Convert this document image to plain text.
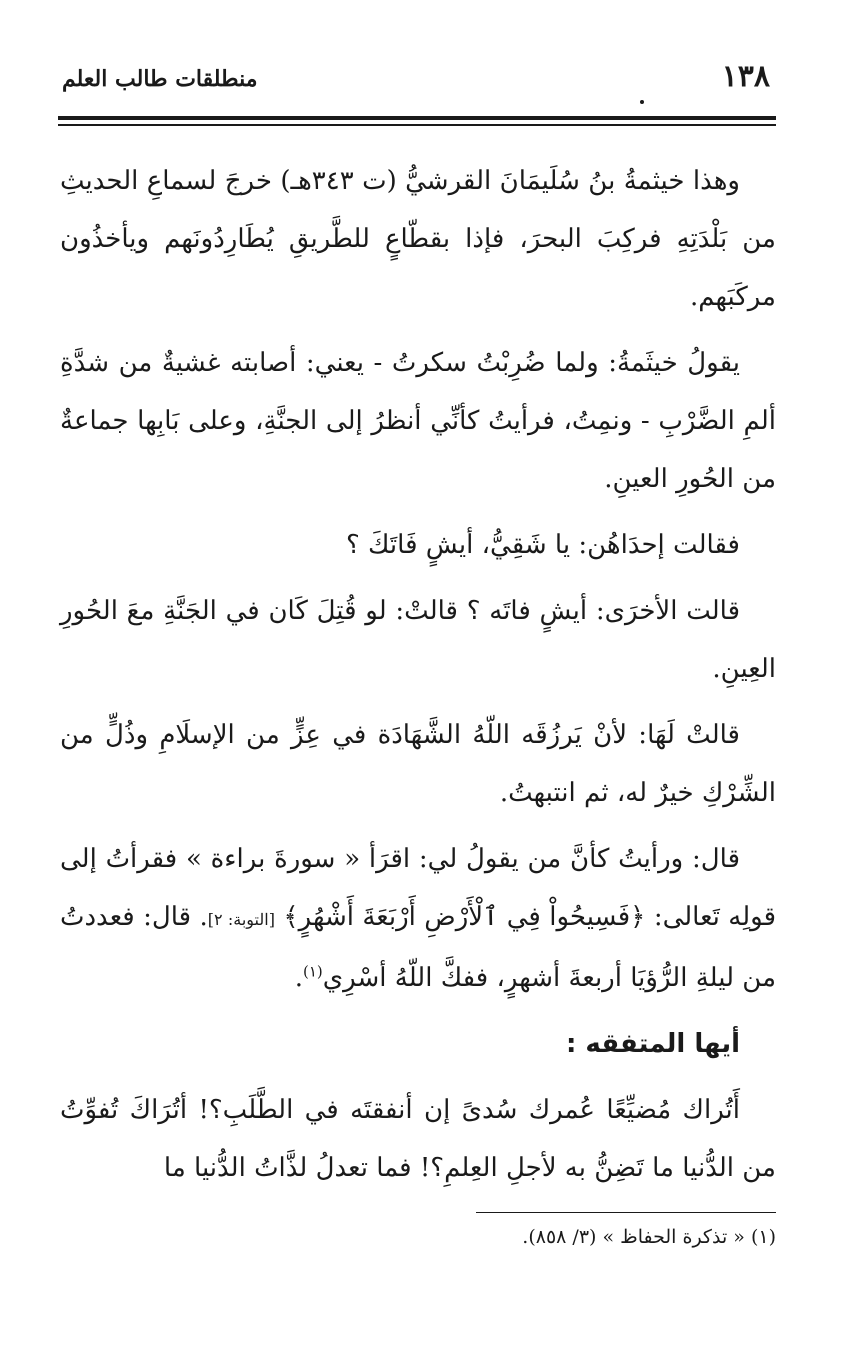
١٣٨
منطلقات طالب العلم

وهذا خيثمةُ بنُ سُلَيمَانَ القرشيُّ (ت ٣٤٣هـ) خرجَ لسماعِ الحديثِ من بَلْدَتِهِ فركِبَ البحرَ، فإذا بقطّاعٍ للطَّريقِ يُطَارِدُونَهم ويأخذُون مركَبَهم.

يقولُ خيثَمةُ: ولما ضُرِبْتُ سكرتُ - يعني: أصابته غشيةٌ من شدَّةِ ألمِ الضَّرْبِ - ونمِتُ، فرأيتُ كأنِّي أنظرُ إلى الجنَّةِ، وعلى بَابِها جماعةٌ من الحُورِ العينِ.

فقالت إحدَاهُن: يا شَقِيُّ، أيشٍ فَاتَكَ ؟

قالت الأخرَى: أيشٍ فاتَه ؟ قالتْ: لو قُتِلَ كَان في الجَنَّةِ معَ الحُورِ العِينِ.

قالتْ لَهَا: لأنْ يَرزُقَه اللّهُ الشَّهَادَة في عِزٍّ من الإسلَامِ وذُلٍّ من الشِّرْكِ خيرٌ له، ثم انتبهتُ.

قال: ورأيتُ كأنَّ من يقولُ لي: اقرَأ « سورةَ براءة » فقرأتُ إلى قولِه تَعالى: ﴿فَسِيحُواْ فِي ٱلْأَرْضِ أَرْبَعَةَ أَشْهُرٍ﴾ [التوبة: ٢]. قال: فعددتُ من ليلةِ الرُّؤيَا أربعةَ أشهرٍ، ففكَّ اللّهُ أسْرِي$^{(١)}$.

أيها المتفقه :

أَتُراك مُضيِّعًا عُمرك سُدىً إن أنفقتَه في الطَّلَبِ؟! أتُرَاكَ تُفوِّتُ من الدُّنيا ما تَضِنُّ به لأجلِ العِلمِ؟! فما تعدلُ لذَّاتُ الدُّنيا ما

(١) « تذكرة الحفاظ » (٣/ ٨٥٨).
